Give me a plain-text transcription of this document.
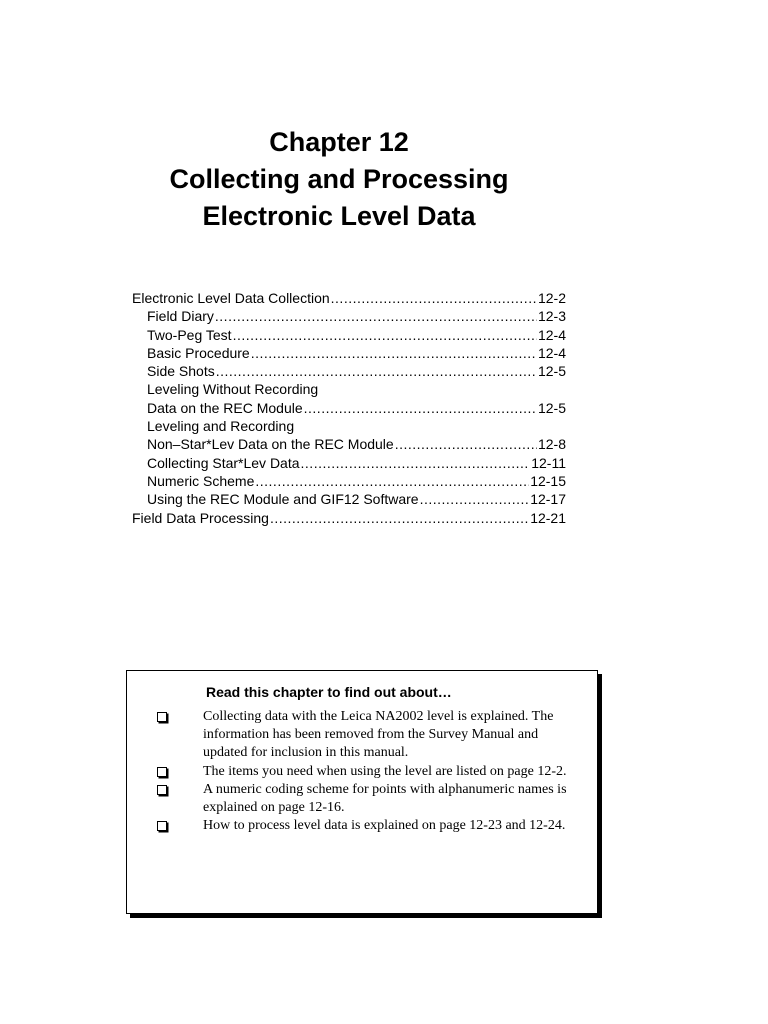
Chapter 12
Collecting and Processing
Electronic Level Data
Electronic Level Data Collection .....	12-2
Field Diary .....	12-3
Two-Peg Test .....	12-4
Basic Procedure .....	12-4
Side Shots .....	12-5
Leveling Without Recording
Data on the REC Module .....	12-5
Leveling and Recording
Non–Star*Lev Data on the REC Module .....	12-8
Collecting Star*Lev Data .....	12-11
Numeric Scheme .....	12-15
Using the REC Module and GIF12 Software .....	12-17
Field Data Processing .....	12-21
Read this chapter to find out about…
Collecting data with the Leica NA2002 level is explained. The information has been removed from the Survey Manual and updated for inclusion in this manual.
The items you need when using the level are listed on page 12-2.
A numeric coding scheme for points with alphanumeric names is explained on page 12-16.
How to process level data is explained on page 12-23 and 12-24.
